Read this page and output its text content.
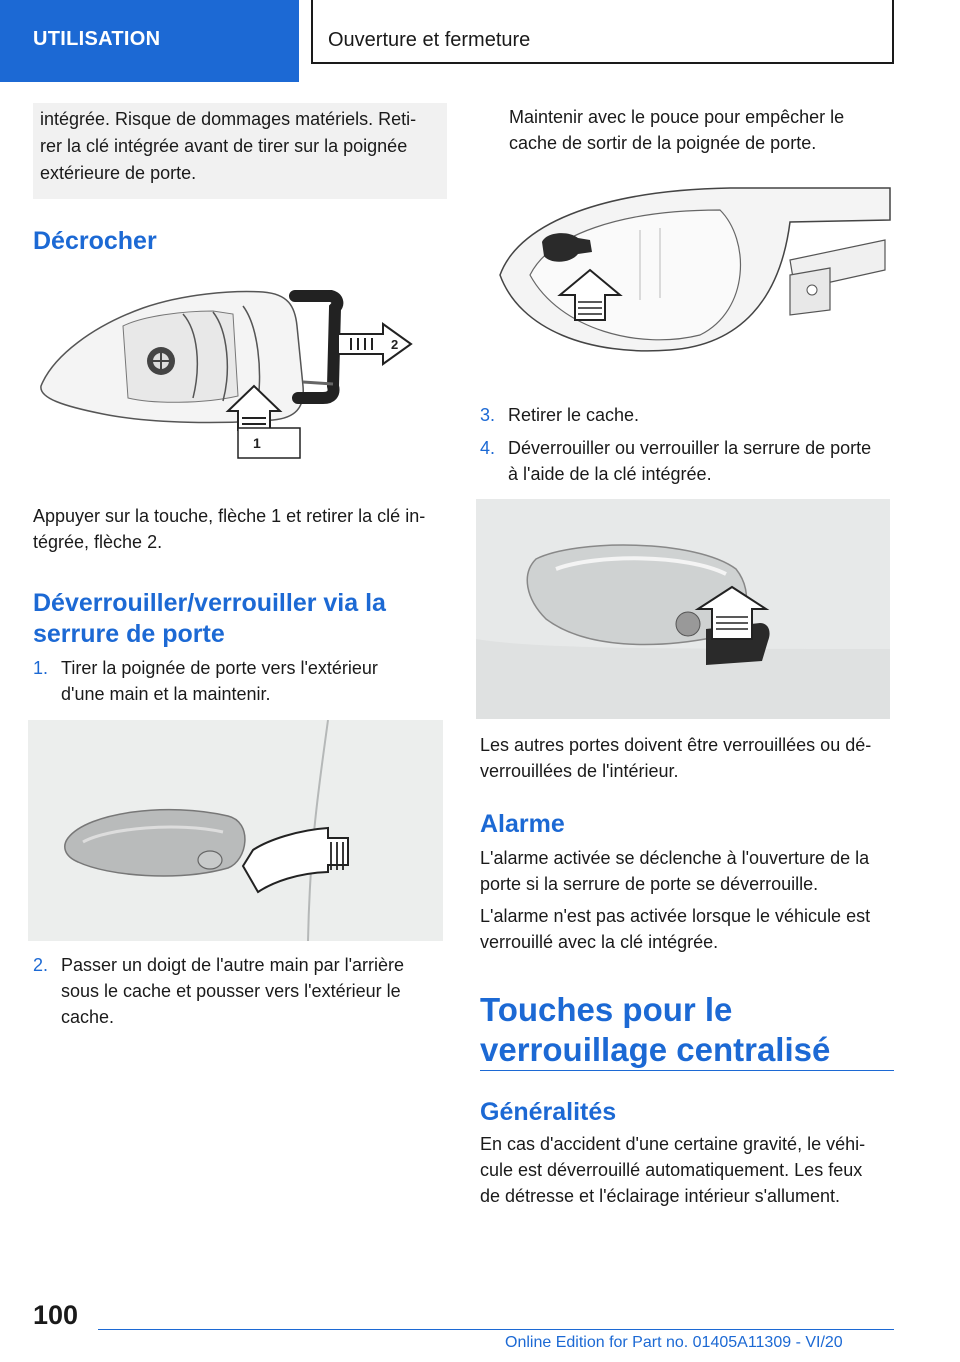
UTILISATION	Ouverture et fermeture
intégrée. Risque de dommages matériels. Reti-
rer la clé intégrée avant de tirer sur la poignée
extérieure de porte.
Décrocher
2
1

Appuyer sur la touche, flèche 1 et retirer la clé in-
tégrée, flèche 2.

Déverrouiller/verrouiller via la
serrure de porte
1. Tirer la poignée de porte vers l'extérieur
d'une main et la maintenir.
2. Passer un doigt de l'autre main par l'arrière
sous le cache et pousser vers l'extérieur le
cache.

Maintenir avec le pouce pour empêcher le
cache de sortir de la poignée de porte.

3. Retirer le cache.
4. Déverrouiller ou verrouiller la serrure de porte
à l'aide de la clé intégrée.

Les autres portes doivent être verrouillées ou dé-
verrouillées de l'intérieur.

Alarme

L'alarme activée se déclenche à l'ouverture de la
porte si la serrure de porte se déverrouille.

L'alarme n'est pas activée lorsque le véhicule est
verrouillé avec la clé intégrée.

Touches pour le
verrouillage centralisé
Généralités

En cas d'accident d'une certaine gravité, le véhi-
cule est déverrouillé automatiquement. Les feux
de détresse et l'éclairage intérieur s'allument.

100
Online Edition for Part no. 01405A11309 - VI/20
